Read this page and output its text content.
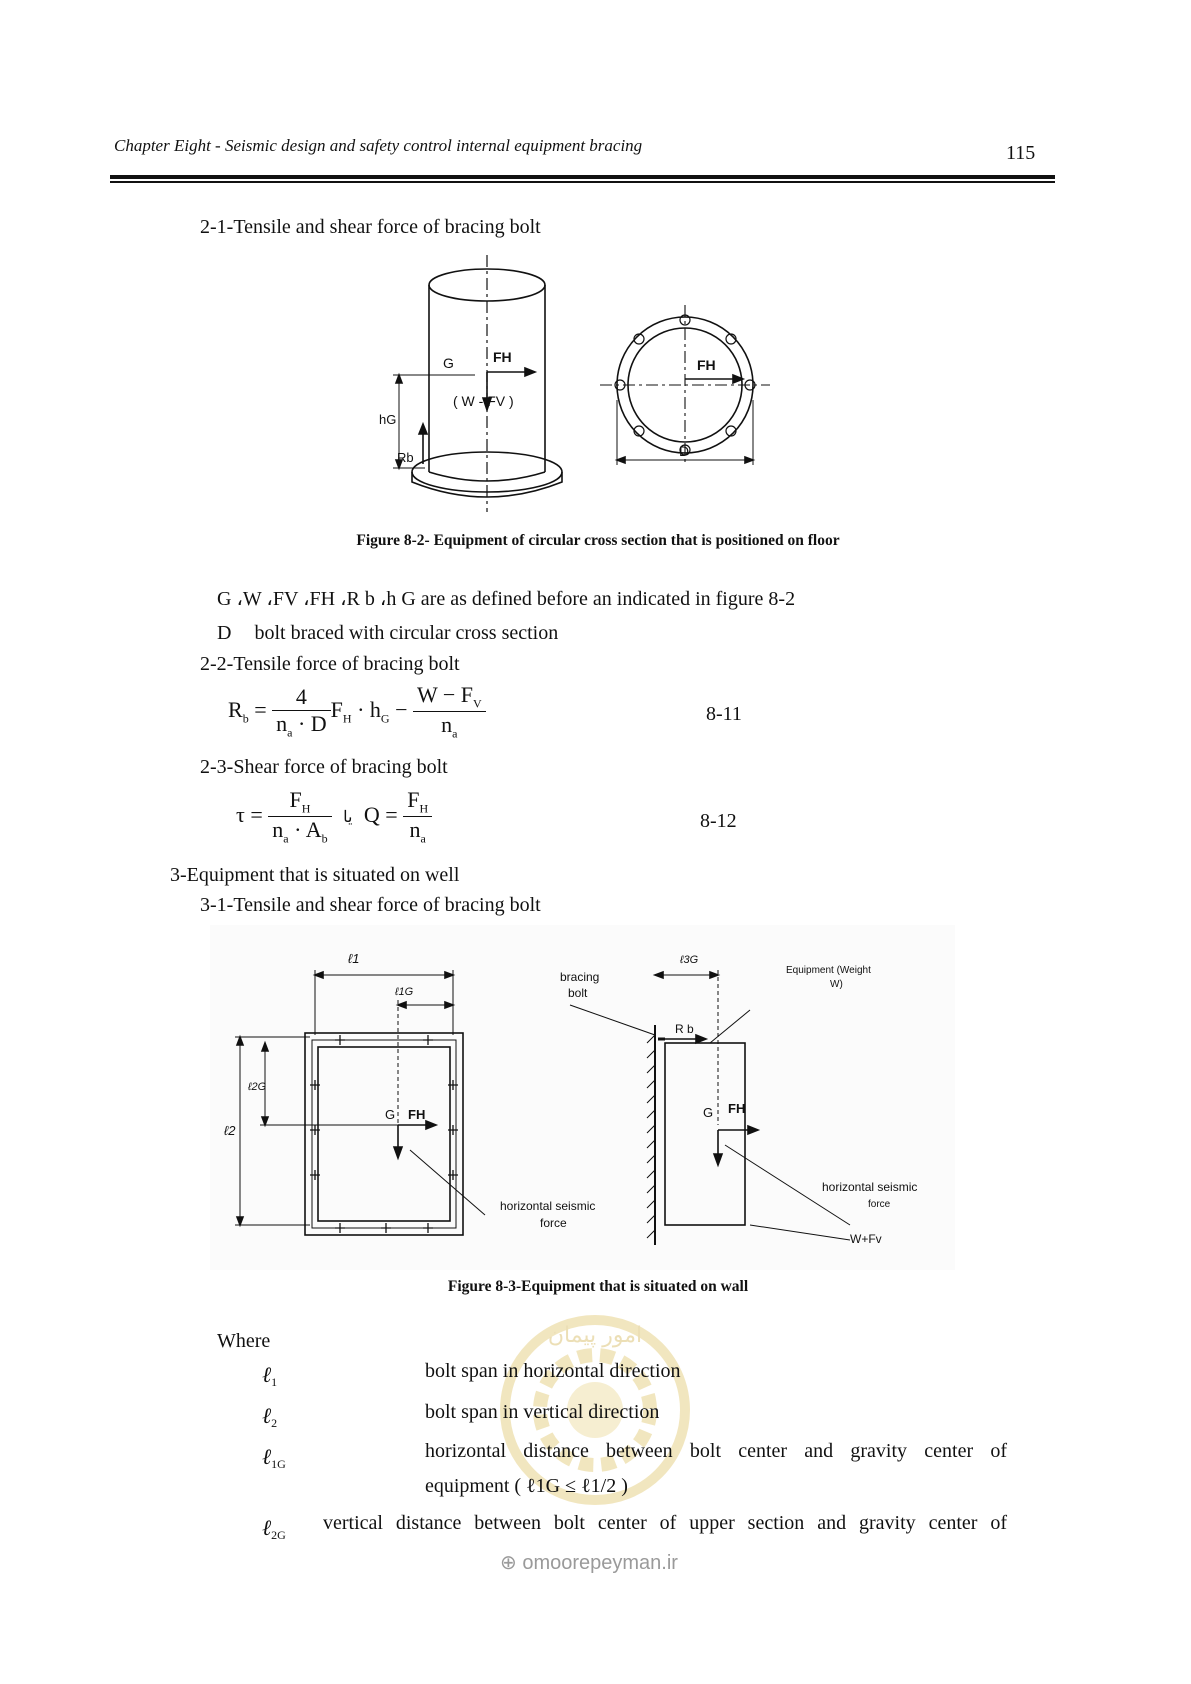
Chapter Eight - Seismic design and safety control internal equipment bracing	115
2-1-Tensile and shear force of bracing bolt
G	FH
( W - FV )
hG
Rb
FH
D
Figure 8-2- Equipment of circular cross section that is positioned on floor
G ،W ،FV ،FH ،R b ،h G are as defined before an indicated in figure 8-2
D bolt braced with circular cross section
2-2-Tensile force of bracing bolt
$R_b = \frac{4}{n_a \cdot D} F_H \cdot h_G - \frac{W - F_V}{n_a}$	8-11
2-3-Shear force of bracing bolt
$\tau = \frac{F_H}{n_a \cdot A_b}$ یا $Q = \frac{F_H}{n_a}$	8-12
3-Equipment that is situated on well
3-1-Tensile and shear force of bracing bolt
ℓ1
ℓ1G
ℓ2
ℓ2G
G FH
horizontal seismic
force
ℓ3G
R b
G FH
bracing
bolt
Equipment (Weight
W)
horizontal seismic
force
W+Fv
Figure 8-3-Equipment that is situated on wall
Where	امور پیمان
⊕ omoorepeyman.ir
ℓ$_1$
bolt span in horizontal direction
ℓ$_2$
bolt span in vertical direction
ℓ$_{1G}$
horizontal distance between bolt center and gravity center of
equipment ( ℓ1G ≤ ℓ1/2 )
ℓ$_{2G}$
vertical distance between bolt center of upper section and gravity center of
